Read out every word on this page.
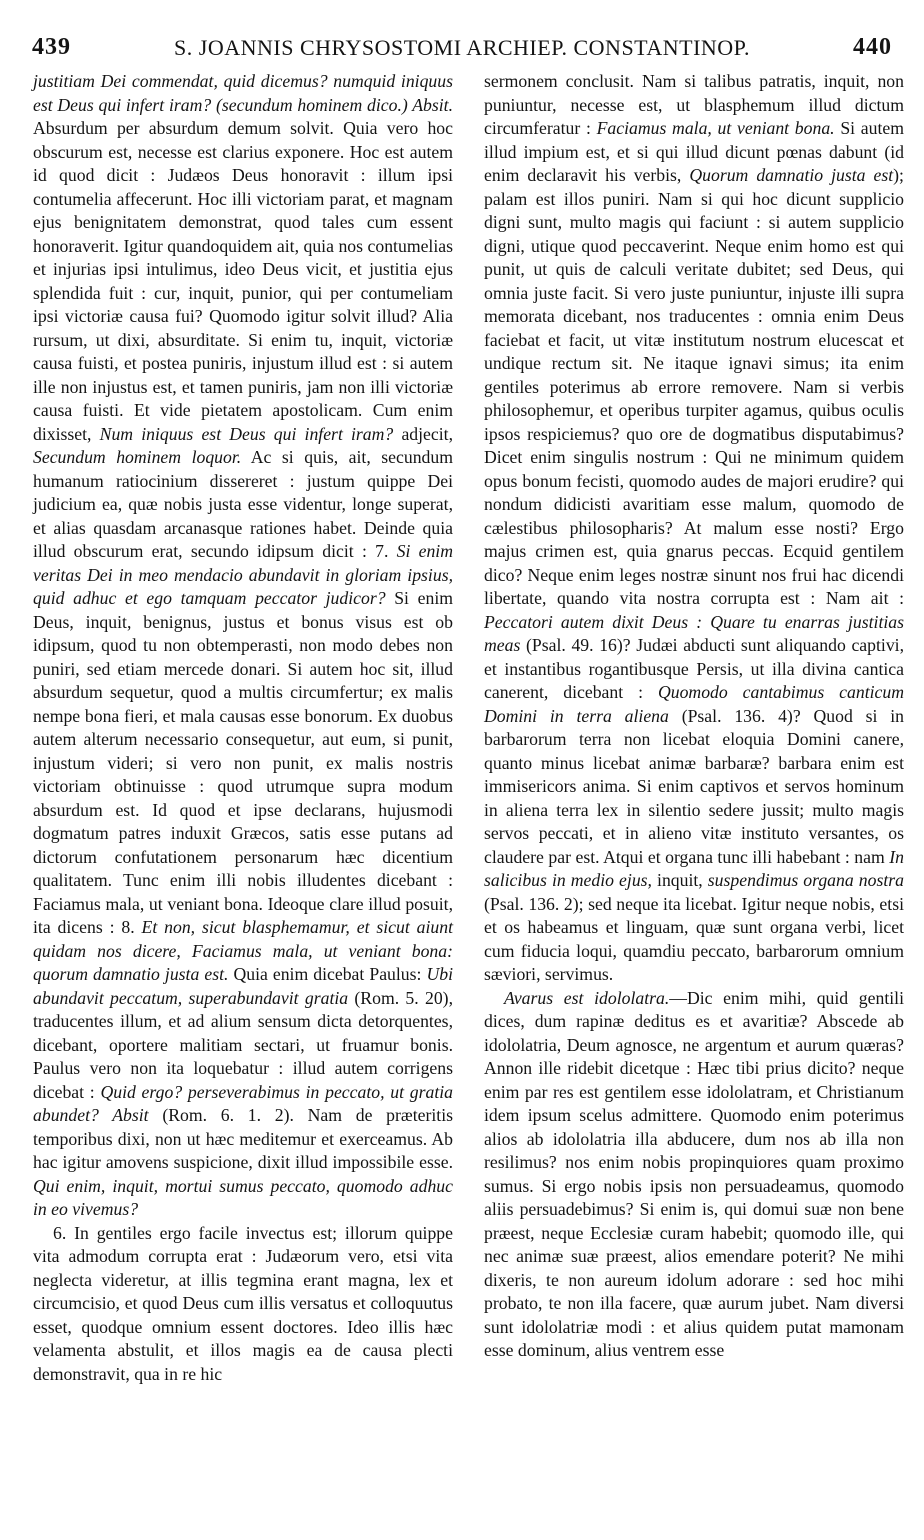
439	S. JOANNIS CHRYSOSTOMI ARCHIEP. CONSTANTINOP.	440

justitiam Dei commendat, quid dicemus? numquid iniquus est Deus qui infert iram? (secundum hominem dico.) Absit. Absurdum per absurdum demum solvit. Quia vero hoc obscurum est, necesse est clarius exponere. Hoc est autem id quod dicit : Judæos Deus honoravit : illum ipsi contumelia affecerunt. Hoc illi victoriam parat, et magnam ejus benignitatem demonstrat, quod tales cum essent honoraverit. Igitur quandoquidem ait, quia nos contumelias et injurias ipsi intulimus, ideo Deus vicit, et justitia ejus splendida fuit : cur, inquit, punior, qui per contumeliam ipsi victoriæ causa fui? Quomodo igitur solvit illud? Alia rursum, ut dixi, absurditate. Si enim tu, inquit, victoriæ causa fuisti, et postea puniris, injustum illud est : si autem ille non injustus est, et tamen puniris, jam non illi victoriæ causa fuisti. Et vide pietatem apostolicam. Cum enim dixisset, Num iniquus est Deus qui infert iram? adjecit, Secundum hominem loquor. Ac si quis, ait, secundum humanum ratiocinium dissereret : justum quippe Dei judicium ea, quæ nobis justa esse videntur, longe superat, et alias quasdam arcanasque rationes habet. Deinde quia illud obscurum erat, secundo idipsum dicit : 7. Si enim veritas Dei in meo mendacio abundavit in gloriam ipsius, quid adhuc et ego tamquam peccator judicor? Si enim Deus, inquit, benignus, justus et bonus visus est ob idipsum, quod tu non obtemperasti, non modo debes non puniri, sed etiam mercede donari. Si autem hoc sit, illud absurdum sequetur, quod a multis circumfertur; ex malis nempe bona fieri, et mala causas esse bonorum. Ex duobus autem alterum necessario consequetur, aut eum, si punit, injustum videri; si vero non punit, ex malis nostris victoriam obtinuisse : quod utrumque supra modum absurdum est. Id quod et ipse declarans, hujusmodi dogmatum patres induxit Græcos, satis esse putans ad dictorum confutationem personarum hæc dicentium qualitatem. Tunc enim illi nobis illudentes dicebant : Faciamus mala, ut veniant bona. Ideoque clare illud posuit, ita dicens : 8. Et non, sicut blasphemamur, et sicut aiunt quidam nos dicere, Faciamus mala, ut veniant bona: quorum damnatio justa est. Quia enim dicebat Paulus: Ubi abundavit peccatum, superabundavit gratia (Rom. 5. 20), traducentes illum, et ad alium sensum dicta detorquentes, dicebant, oportere malitiam sectari, ut fruamur bonis. Paulus vero non ita loquebatur : illud autem corrigens dicebat : Quid ergo? perseverabimus in peccato, ut gratia abundet? Absit (Rom. 6. 1. 2). Nam de præteritis temporibus dixi, non ut hæc meditemur et exerceamus. Ab hac igitur amovens suspicione, dixit illud impossibile esse. Qui enim, inquit, mortui sumus peccato, quomodo adhuc in eo vivemus?

6. In gentiles ergo facile invectus est; illorum quippe vita admodum corrupta erat : Judæorum vero, etsi vita neglecta videretur, at illis tegmina erant magna, lex et circumcisio, et quod Deus cum illis versatus et colloquutus esset, quodque omnium essent doctores. Ideo illis hæc velamenta abstulit, et illos magis ea de causa plecti demonstravit, qua in re hic

sermonem conclusit. Nam si talibus patratis, inquit, non puniuntur, necesse est, ut blasphemum illud dictum circumferatur : Faciamus mala, ut veniant bona. Si autem illud impium est, et si qui illud dicunt pœnas dabunt (id enim declaravit his verbis, Quorum damnatio justa est); palam est illos puniri. Nam si qui hoc dicunt supplicio digni sunt, multo magis qui faciunt : si autem supplicio digni, utique quod peccaverint. Neque enim homo est qui punit, ut quis de calculi veritate dubitet; sed Deus, qui omnia juste facit. Si vero juste puniuntur, injuste illi supra memorata dicebant, nos traducentes : omnia enim Deus faciebat et facit, ut vitæ institutum nostrum elucescat et undique rectum sit. Ne itaque ignavi simus; ita enim gentiles poterimus ab errore removere. Nam si verbis philosophemur, et operibus turpiter agamus, quibus oculis ipsos respiciemus? quo ore de dogmatibus disputabimus? Dicet enim singulis nostrum : Qui ne minimum quidem opus bonum fecisti, quomodo audes de majori erudire? qui nondum didicisti avaritiam esse malum, quomodo de cælestibus philosopharis? At malum esse nosti? Ergo majus crimen est, quia gnarus peccas. Ecquid gentilem dico? Neque enim leges nostræ sinunt nos frui hac dicendi libertate, quando vita nostra corrupta est : Nam ait : Peccatori autem dixit Deus : Quare tu enarras justitias meas (Psal. 49. 16)? Judæi abducti sunt aliquando captivi, et instantibus rogantibusque Persis, ut illa divina cantica canerent, dicebant : Quomodo cantabimus canticum Domini in terra aliena (Psal. 136. 4)? Quod si in barbarorum terra non licebat eloquia Domini canere, quanto minus licebat animæ barbaræ? barbara enim est immisericors anima. Si enim captivos et servos hominum in aliena terra lex in silentio sedere jussit; multo magis servos peccati, et in alieno vitæ instituto versantes, os claudere par est. Atqui et organa tunc illi habebant : nam In salicibus in medio ejus, inquit, suspendimus organa nostra (Psal. 136. 2); sed neque ita licebat. Igitur neque nobis, etsi et os habeamus et linguam, quæ sunt organa verbi, licet cum fiducia loqui, quamdiu peccato, barbarorum omnium sæviori, servimus.

Avarus est idololatra.—Dic enim mihi, quid gentili dices, dum rapinæ deditus es et avaritiæ? Abscede ab idololatria, Deum agnosce, ne argentum et aurum quæras? Annon ille ridebit dicetque : Hæc tibi prius dicito? neque enim par res est gentilem esse idololatram, et Christianum idem ipsum scelus admittere. Quomodo enim poterimus alios ab idololatria illa abducere, dum nos ab illa non resilimus? nos enim nobis propinquiores quam proximo sumus. Si ergo nobis ipsis non persuadeamus, quomodo aliis persuadebimus? Si enim is, qui domui suæ non bene præest, neque Ecclesiæ curam habebit; quomodo ille, qui nec animæ suæ præest, alios emendare poterit? Ne mihi dixeris, te non aureum idolum adorare : sed hoc mihi probato, te non illa facere, quæ aurum jubet. Nam diversi sunt idololatriæ modi : et alius quidem putat mamonam esse dominum, alius ventrem esse
